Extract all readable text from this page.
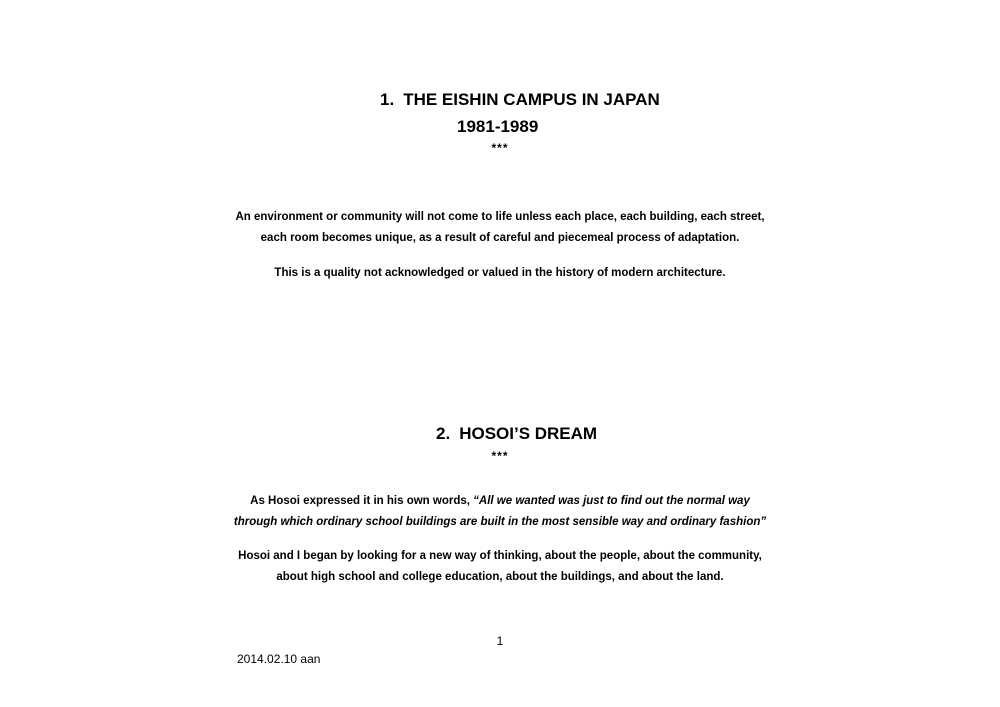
1. THE EISHIN CAMPUS IN JAPAN
1981-1989
***
An environment or community will not come to life unless each place, each building, each street,
each room becomes unique, as a result of careful and piecemeal process of adaptation.
This is a quality not acknowledged or valued in the history of modern architecture.
2. HOSOI’S DREAM
***
As Hosoi expressed it in his own words, “All we wanted was just to find out the normal way
through which ordinary school buildings are built in the most sensible way and ordinary fashion”
Hosoi and I began by looking for a new way of thinking, about the people, about the community,
about high school and college education, about the buildings, and about the land.
1
2014.02.10 aan
